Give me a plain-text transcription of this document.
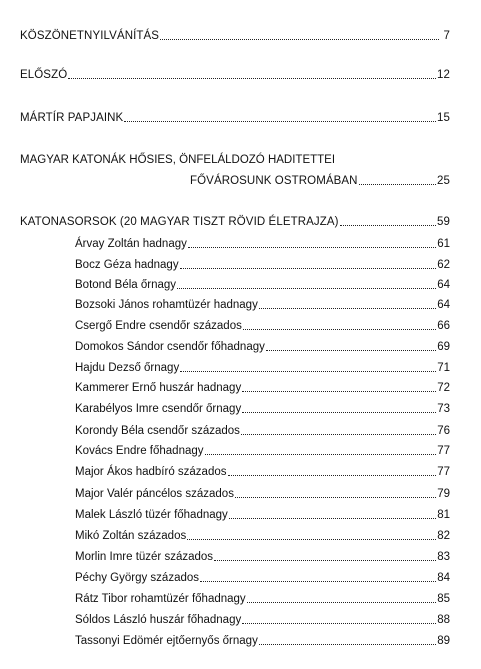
KÖSZÖNETNYILVÁNÍTÁS	7
ELŐSZÓ	12
MÁRTÍR PAPJAINK	15
MAGYAR KATONÁK HŐSIES, ÖNFELÁLDOZÓ HADITETTEI
FŐVÁROSUNK OSTROMÁBAN	25
KATONASORSOK (20 MAGYAR TISZT RÖVID ÉLETRAJZA)	59
Árvay Zoltán hadnagy	61
Bocz Géza hadnagy	62
Botond Béla őrnagy	64
Bozsoki János rohamtüzér hadnagy	64
Csergő Endre csendőr százados	66
Domokos Sándor csendőr főhadnagy	69
Hajdu Dezső őrnagy	71
Kammerer Ernő huszár hadnagy	72
Karabélyos Imre csendőr őrnagy	73
Korondy Béla csendőr százados	76
Kovács Endre főhadnagy	77
Major Ákos hadbíró százados	77
Major Valér páncélos százados	79
Malek László tüzér főhadnagy	81
Mikó Zoltán százados	82
Morlin Imre tüzér százados	83
Péchy György százados	84
Rátz Tibor rohamtüzér főhadnagy	85
Sóldos László huszár főhadnagy	88
Tassonyi Edömér ejtőernyős őrnagy	89
